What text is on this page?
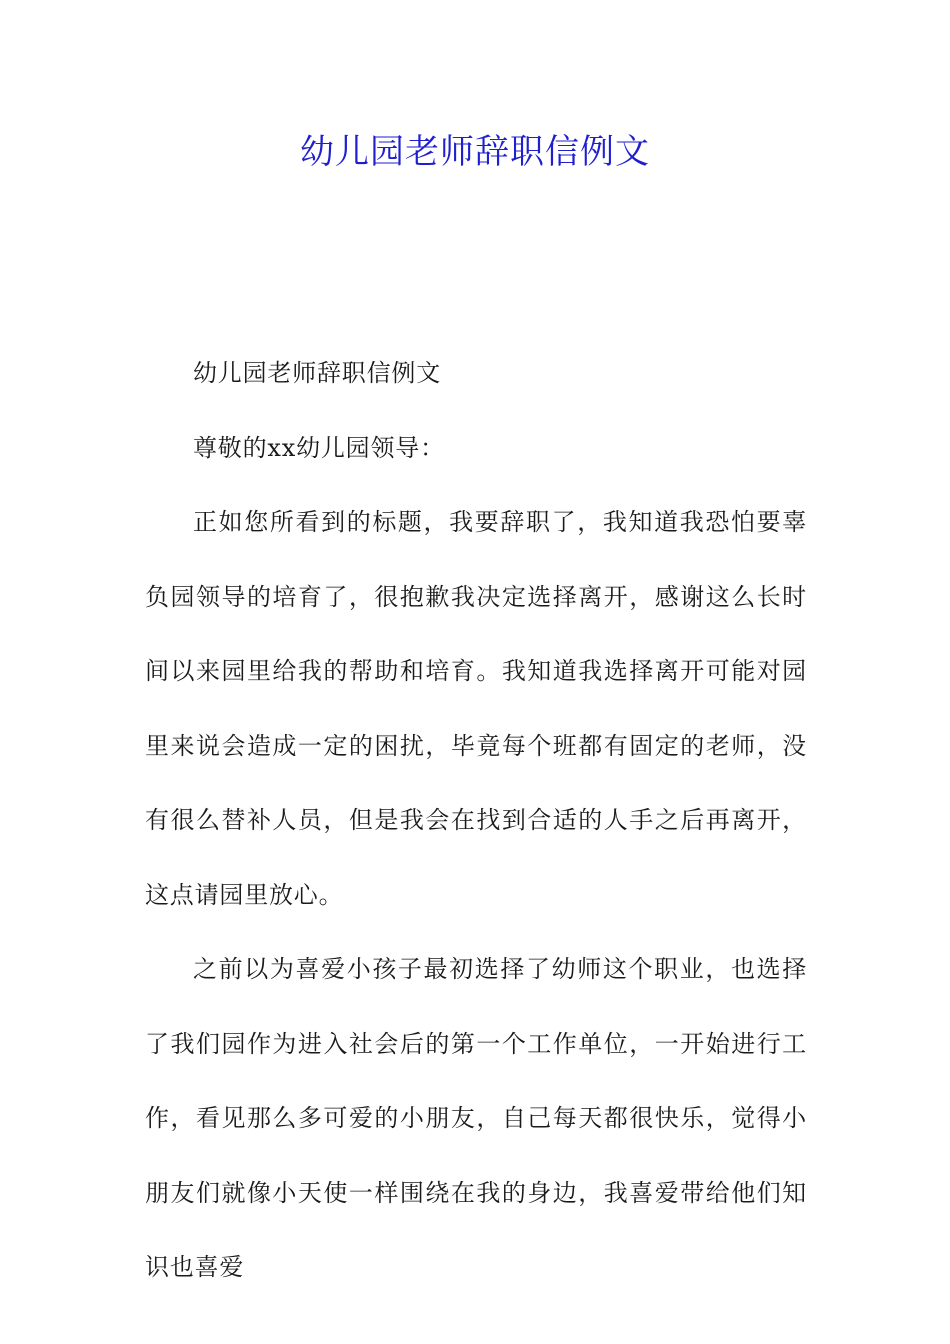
幼儿园老师辞职信例文

幼儿园老师辞职信例文

尊敬的xx幼儿园领导：

正如您所看到的标题，我要辞职了，我知道我恐怕要辜负园领导的培育了，很抱歉我决定选择离开，感谢这么长时间以来园里给我的帮助和培育。我知道我选择离开可能对园里来说会造成一定的困扰，毕竟每个班都有固定的老师，没有很么替补人员，但是我会在找到合适的人手之后再离开，这点请园里放心。

之前以为喜爱小孩子最初选择了幼师这个职业，也选择了我们园作为进入社会后的第一个工作单位，一开始进行工作，看见那么多可爱的小朋友，自己每天都很快乐，觉得小朋友们就像小天使一样围绕在我的身边，我喜爱带给他们知识也喜爱
